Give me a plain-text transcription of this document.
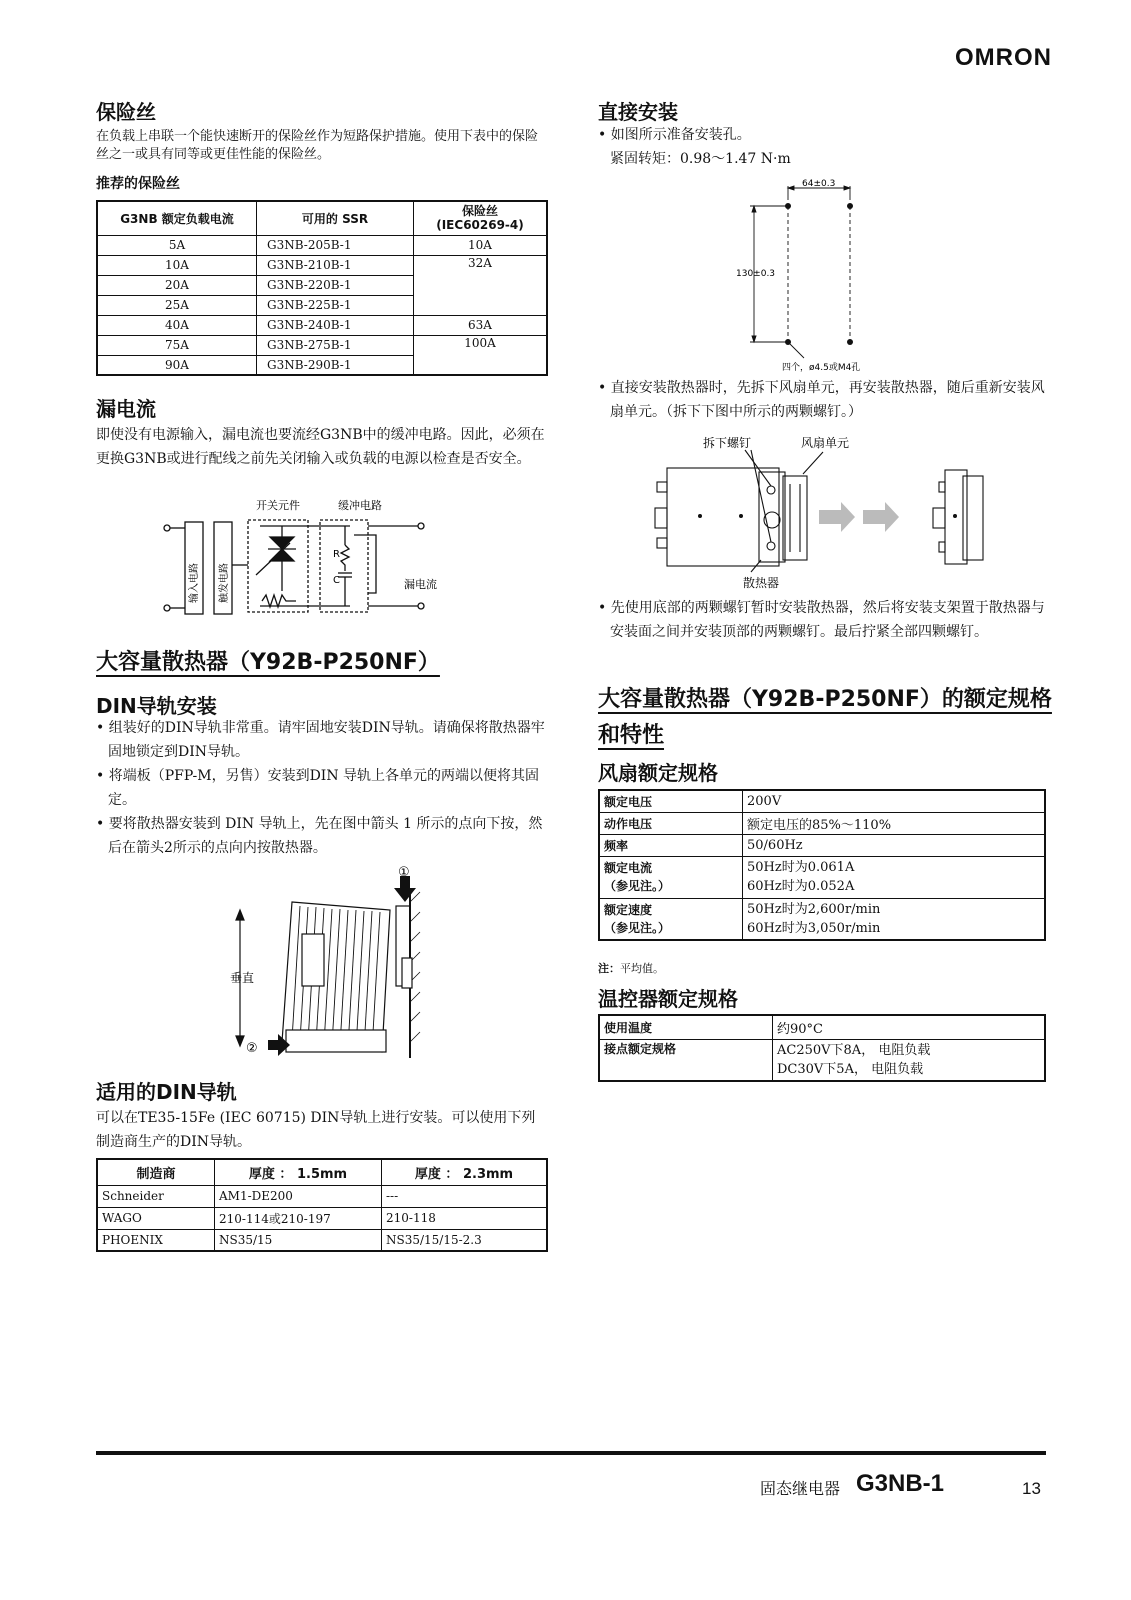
OMRON
保险丝

在负载上串联一个能快速断开的保险丝作为短路保护措施。使用下表中的保险丝之一或具有同等或更佳性能的保险丝。

推荐的保险丝

G3NB 额定负载电流	可用的 SSR	保险丝
(IEC60269-4)
5A	G3NB-205B-1	10A
10A	G3NB-210B-1	32A
20A	G3NB-220B-1	
25A	G3NB-225B-1	
40A	G3NB-240B-1	63A
75A	G3NB-275B-1	100A
90A	G3NB-290B-1	
漏电流

即使没有电源输入，漏电流也要流经G3NB中的缓冲电路。因此，必须在更换G3NB或进行配线之前先关闭输入或负载的电源以检查是否安全。

开关元件	缓冲电路
输入电路 触发电路
R
C	漏电流
大容量散热器（Y92B-P250NF）
DIN导轨安装

• 组装好的DIN导轨非常重。请牢固地安装DIN导轨。请确保将散热器牢固地锁定到DIN导轨。

• 将端板（PFP-M，另售）安装到DIN 导轨上各单元的两端以便将其固定。

• 要将散热器安装到 DIN 导轨上，先在图中箭头 1 所示的点向下按，然后在箭头2所示的点向内按散热器。

垂直
①
②
适用的DIN导轨

可以在TE35-15Fe (IEC 60715) DIN导轨上进行安装。可以使用下列制造商生产的DIN导轨。

制造商	厚度 ： 1.5mm	厚度 ： 2.3mm
Schneider	AM1-DE200	---
WAGO	210-114或210-197	210-118
PHOENIX	NS35/15	NS35/15/15-2.3
直接安装

• 如图所示准备安装孔。

紧固转矩：0.98～1.47 N·m

64±0.3
130±0.3
四个，ø4.5或M4孔

• 直接安装散热器时，先拆下风扇单元，再安装散热器，随后重新安装风扇单元。（拆下下图中所示的两颗螺钉。）

拆下螺钉	风扇单元
散热器

• 先使用底部的两颗螺钉暂时安装散热器，然后将安装支架置于散热器与安装面之间并安装顶部的两颗螺钉。最后拧紧全部四颗螺钉。

大容量散热器（Y92B-P250NF）的额定规格和特性
风扇额定规格
额定电压	200V
动作电压	额定电压的85%～110%
频率	50/60Hz
额定电流
（参见注。）	50Hz时为0.061A
60Hz时为0.052A
额定速度
（参见注。）	50Hz时为2,600r/min
60Hz时为3,050r/min

注：平均值。

温控器额定规格
使用温度	约90°C
接点额定规格	AC250V下8A， 电阻负载
DC30V下5A， 电阻负载
固态继电器 G3NB-1	13
